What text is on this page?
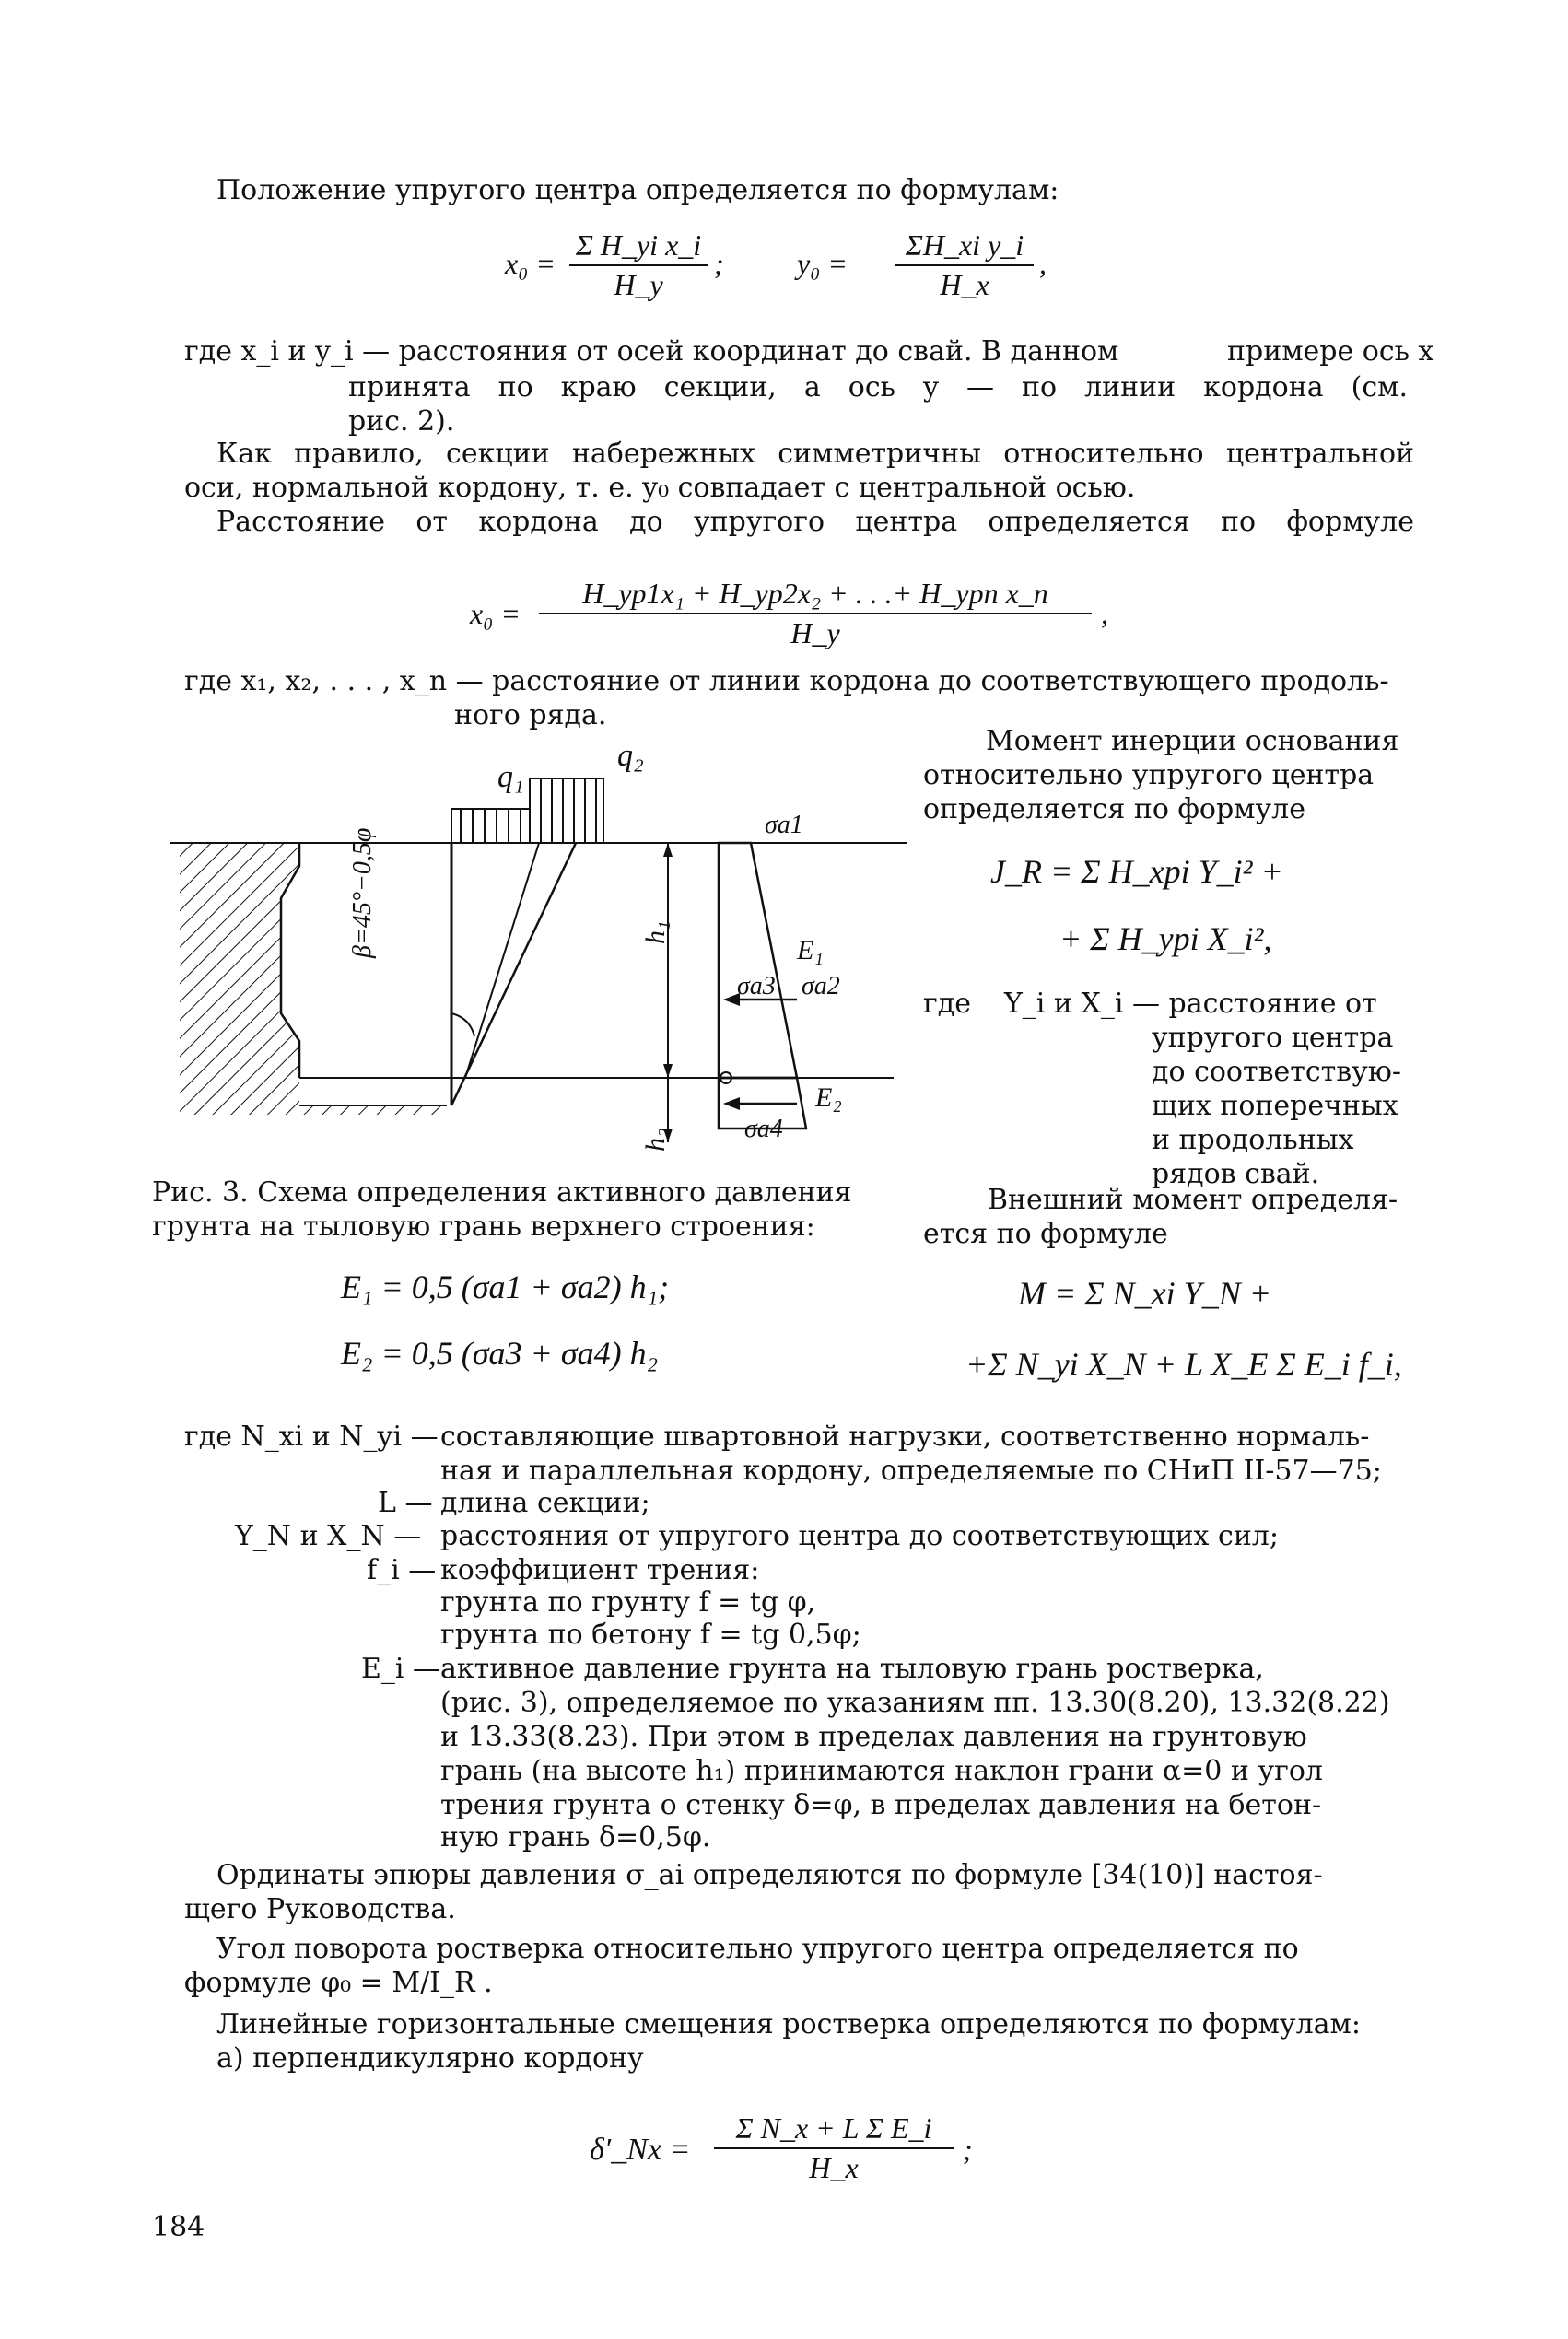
Положение упругого центра определяется по формулам:
$x_0 = \frac{\text{Σ H\_yi x\_i}}{H\_y}$ ; $y_0 = \frac{\text{ΣH\_xi y\_i}}{H\_x}$ ,
где x_i и y_i — расстояния от осей координат до свай. В данном	примере ось x
принята по краю секции, а ось y — по линии кордона (см.
рис. 2).
Как правило, секции набережных симметричны относительно центральной
оси, нормальной кордону, т. е. y₀ совпадает с центральной осью.
Расстояние от кордона до упругого центра определяется по формуле
x₀ =
H_yp1x₁ + H_yp2x₂ + . . .+ H_ypn x_n
H_y
,
где x₁, x₂, . . . , x_n — расстояние от линии кордона до соответствующего продоль-
ного ряда.
q₁
q₂
β=45°−0,5φ	h₁
h₂
σa1
σa2
σa3
σa4
E₁
E₂
Рис. 3. Схема определения активного давления
грунта на тыловую грань верхнего строения:
E₁ = 0,5 (σa1 + σa2) h₁;
E₂ = 0,5 (σa3 + σa4) h₂
Момент инерции основания
относительно упругого центра
определяется по формуле
J_R = Σ H_xpi Y_i² +
+ Σ H_ypi X_i²,
где Y_i и X_i — расстояние от
упругого центра
до соответствую-
щих поперечных
и продольных
рядов свай.
Внешний момент определя-
ется по формуле
M = Σ N_xi Y_N +
+Σ N_yi X_N + L X_E Σ E_i f_i,
где N_xi и N_yi — составляющие швартовной нагрузки, соответственно нормаль-
ная и параллельная кордону, определяемые по СНиП II-57—75;
L — длина секции;
Y_N и X_N — расстояния от упругого центра до соответствующих сил;
f_i — коэффициент трения:
грунта по грунту f = tg φ,
грунта по бетону f = tg 0,5φ;
E_i — активное давление грунта на тыловую грань ростверка,
(рис. 3), определяемое по указаниям пп. 13.30(8.20), 13.32(8.22)
и 13.33(8.23). При этом в пределах давления на грунтовую
грань (на высоте h₁) принимаются наклон грани α=0 и угол
трения грунта о стенку δ=φ, в пределах давления на бетон-
ную грань δ=0,5φ.
Ординаты эпюры давления σ_ai определяются по формуле [34(10)] настоя-
щего Руководства.
Угол поворота ростверка относительно упругого центра определяется по
формуле φ₀ = M/I_R .
Линейные горизонтальные смещения ростверка определяются по формулам:
а) перпендикулярно кордону
δ′_Nx = $\frac{\text{Σ N\_x + L Σ E\_i}}{H\_x}$ ;
184
